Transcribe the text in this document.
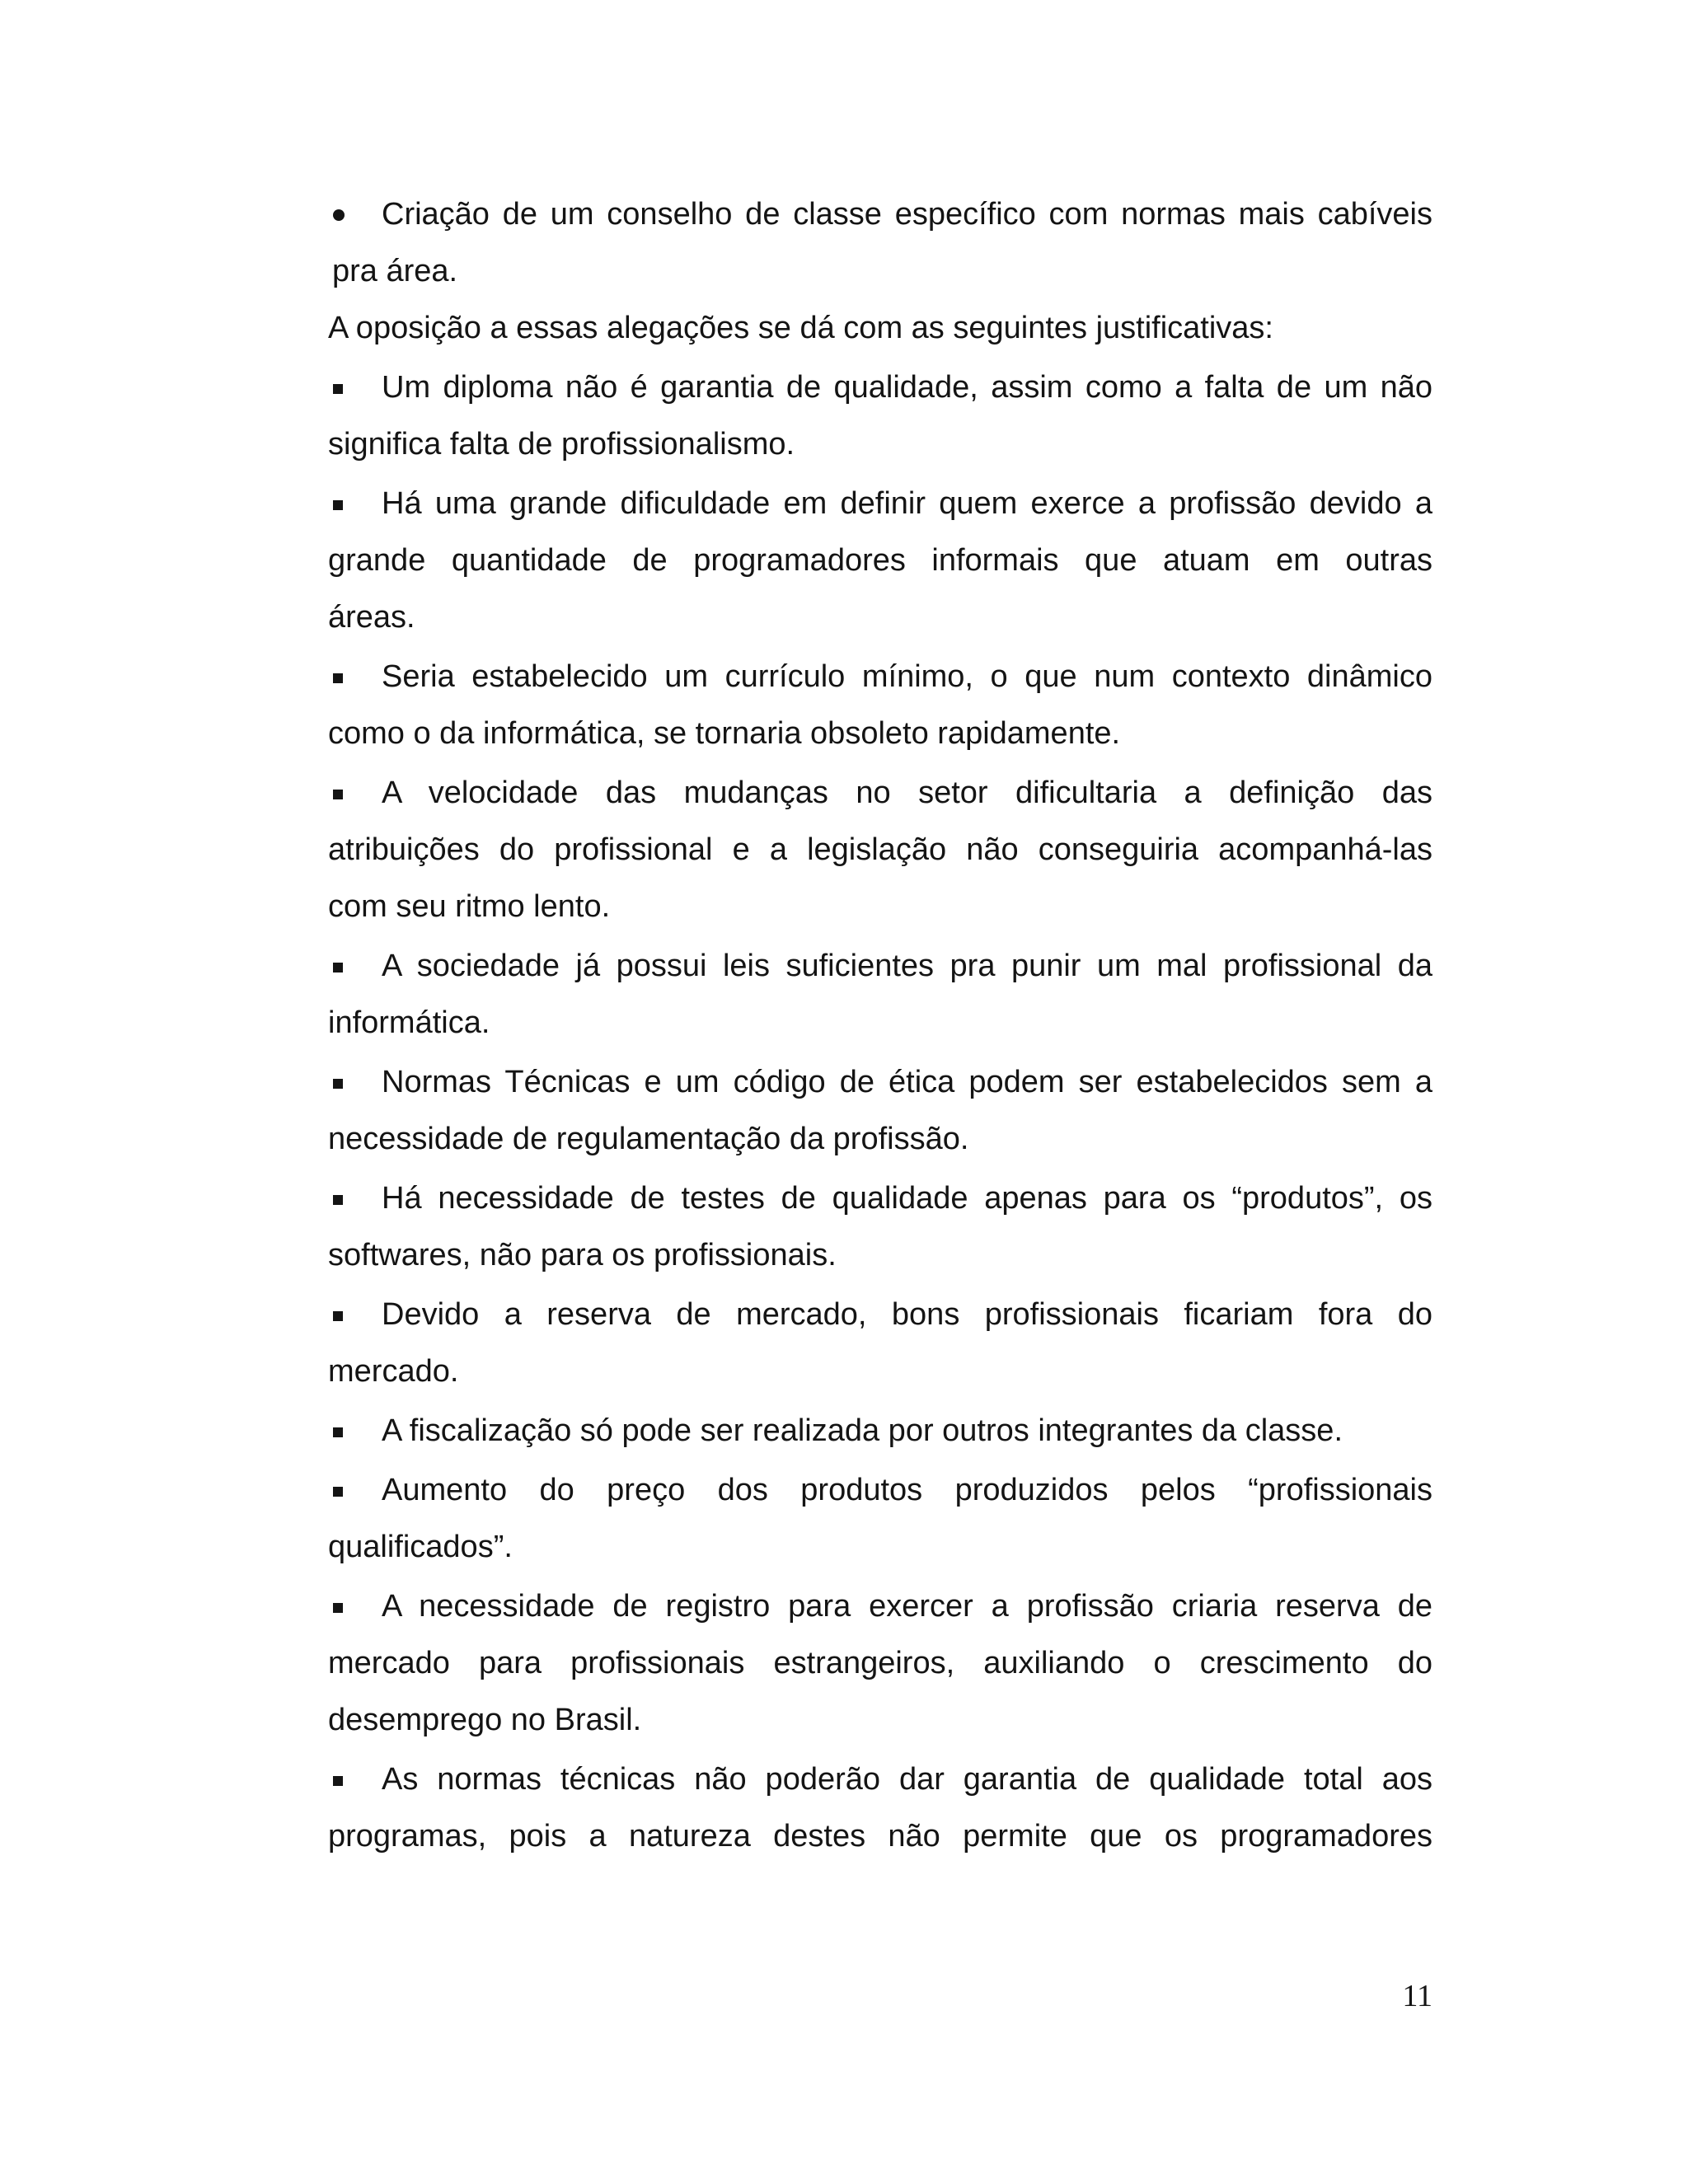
Criação de um conselho de classe específico com normas mais cabíveis
pra área.
A oposição a essas alegações se dá com as seguintes justificativas:
Um diploma não é garantia de qualidade, assim como a falta de um não
significa falta de profissionalismo.
Há uma grande dificuldade em definir quem exerce a profissão devido a
grande quantidade de programadores informais que atuam em outras
áreas.
Seria estabelecido um currículo mínimo, o que num contexto dinâmico
como o da informática, se tornaria obsoleto rapidamente.
A velocidade das mudanças no setor dificultaria a definição das
atribuições do profissional e a legislação não conseguiria acompanhá-las
com seu ritmo lento.
A sociedade já possui leis suficientes pra punir um mal profissional da
informática.
Normas Técnicas e um código de ética podem ser estabelecidos sem a
necessidade de regulamentação da profissão.
Há necessidade de testes de qualidade apenas para os “produtos”, os
softwares, não para os profissionais.
Devido a reserva de mercado, bons profissionais ficariam fora do
mercado.
A fiscalização só pode ser realizada por outros integrantes da classe.
Aumento do preço dos produtos produzidos pelos “profissionais
qualificados”.
A necessidade de registro para exercer a profissão criaria reserva de
mercado para profissionais estrangeiros, auxiliando o crescimento do
desemprego no Brasil.
As normas técnicas não poderão dar garantia de qualidade total aos
programas, pois a natureza destes não permite que os programadores
11
